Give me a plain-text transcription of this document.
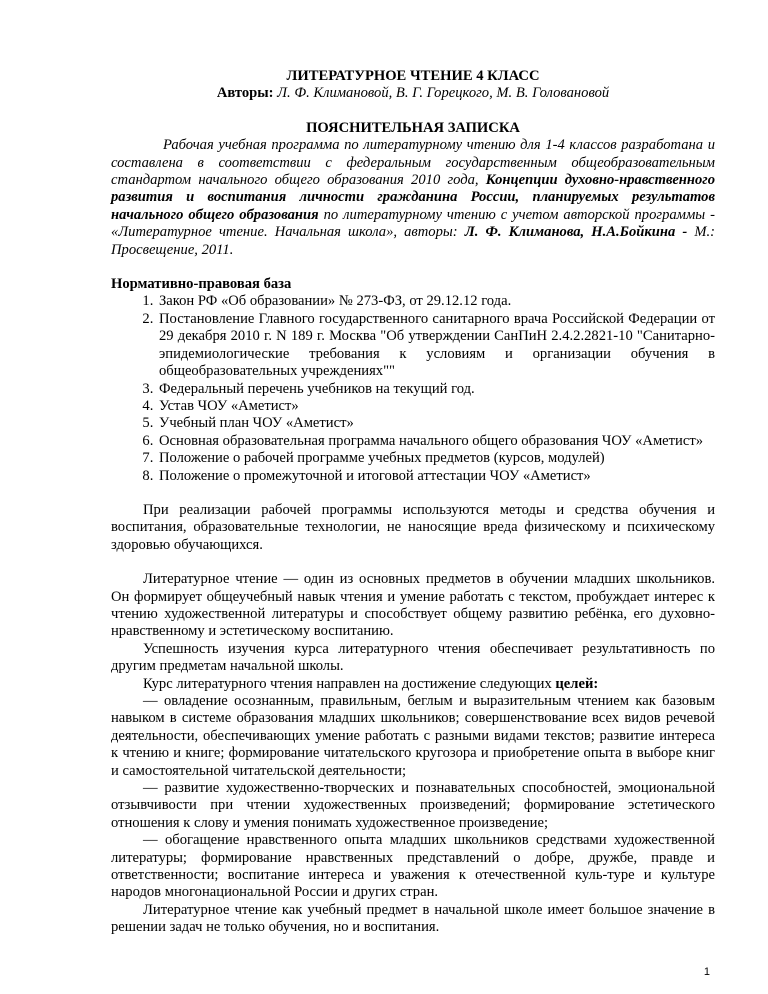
ЛИТЕРАТУРНОЕ ЧТЕНИЕ 4 КЛАСС

Авторы: Л. Ф. Климановой, В. Г. Горецкого, М. В. Головановой

ПОЯСНИТЕЛЬНАЯ ЗАПИСКА

Рабочая учебная программа по литературному чтению для 1-4 классов разработана и составлена в соответствии с федеральным государственным общеобразовательным стандартом начального общего образования 2010 года, Концепции духовно-нравственного развития и воспитания личности гражданина России, планируемых результатов начального общего образования по литературному чтению с учетом авторской программы - «Литературное чтение. Начальная школа», авторы: Л. Ф. Климанова, Н.А.Бойкина - М.: Просвещение, 2011.

Нормативно-правовая база

1. Закон РФ «Об образовании» № 273-ФЗ, от 29.12.12 года.
2. Постановление Главного государственного санитарного врача Российской Федерации от 29 декабря 2010 г. N 189 г. Москва "Об утверждении СанПиН 2.4.2.2821-10 "Санитарно-эпидемиологические требования к условиям и организации обучения в общеобразовательных учреждениях""
3. Федеральный перечень учебников на текущий год.
4. Устав ЧОУ «Аметист»
5. Учебный план ЧОУ «Аметист»
6. Основная образовательная программа начального общего образования ЧОУ «Аметист»
7. Положение о рабочей программе учебных предметов (курсов, модулей)
8. Положение о промежуточной и итоговой аттестации ЧОУ «Аметист»

При реализации рабочей программы используются методы и средства обучения и воспитания, образовательные технологии, не наносящие вреда физическому и психическому здоровью обучающихся.

Литературное чтение — один из основных предметов в обучении младших школьников. Он формирует общеучебный навык чтения и умение работать с текстом, пробуждает интерес к чтению художественной литературы и способствует общему развитию ребёнка, его духовно-нравственному и эстетическому воспитанию.

Успешность изучения курса литературного чтения обеспечивает результативность по другим предметам начальной школы.

Курс литературного чтения направлен на достижение следующих целей:

— овладение осознанным, правильным, беглым и выразительным чтением как базовым навыком в системе образования младших школьников; совершенствование всех видов речевой деятельности, обеспечивающих умение работать с разными видами текстов; развитие интереса к чтению и книге; формирование читательского кругозора и приобретение опыта в выборе книг и самостоятельной читательской деятельности;

— развитие художественно-творческих и познавательных способностей, эмоциональной отзывчивости при чтении художественных произведений; формирование эстетического отношения к слову и умения понимать художественное произведение;

— обогащение нравственного опыта младших школьников средствами художественной литературы; формирование нравственных представлений о добре, дружбе, правде и ответственности; воспитание интереса и уважения к отечественной куль-туре и культуре народов многонациональной России и других стран.

Литературное чтение как учебный предмет в начальной школе имеет большое значение в решении задач не только обучения, но и воспитания.

1
